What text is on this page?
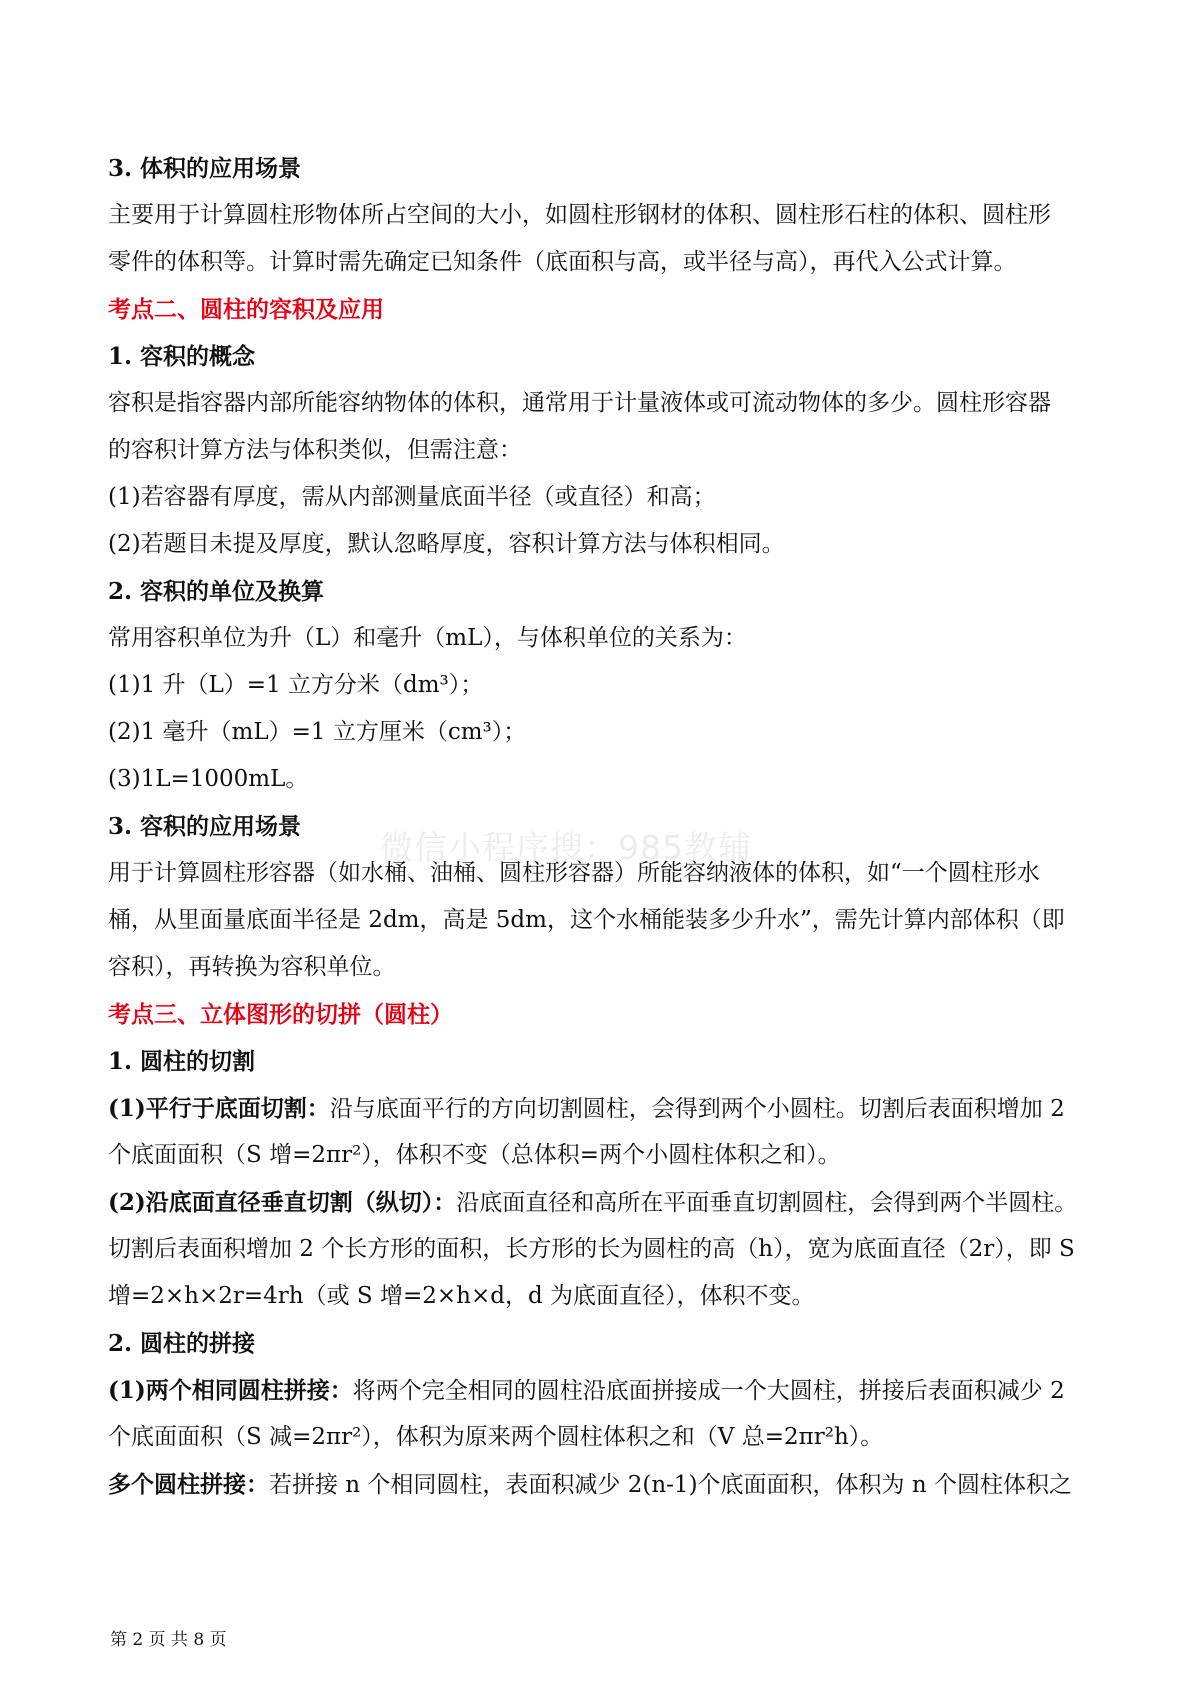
微信小程序搜：985教辅
3. 体积的应用场景
主要用于计算圆柱形物体所占空间的大小，如圆柱形钢材的体积、圆柱形石柱的体积、圆柱形
零件的体积等。计算时需先确定已知条件（底面积与高，或半径与高），再代入公式计算。
考点二、圆柱的容积及应用
1. 容积的概念
容积是指容器内部所能容纳物体的体积，通常用于计量液体或可流动物体的多少。圆柱形容器
的容积计算方法与体积类似，但需注意：
(1)若容器有厚度，需从内部测量底面半径（或直径）和高；
(2)若题目未提及厚度，默认忽略厚度，容积计算方法与体积相同。
2. 容积的单位及换算
常用容积单位为升（L）和毫升（mL），与体积单位的关系为：
(1)1 升（L）=1 立方分米（dm³）；
(2)1 毫升（mL）=1 立方厘米（cm³）；
(3)1L=1000mL。
3. 容积的应用场景
用于计算圆柱形容器（如水桶、油桶、圆柱形容器）所能容纳液体的体积，如“一个圆柱形水
桶，从里面量底面半径是 2dm，高是 5dm，这个水桶能装多少升水”，需先计算内部体积（即
容积），再转换为容积单位。
考点三、立体图形的切拼（圆柱）
1. 圆柱的切割
(1)平行于底面切割：沿与底面平行的方向切割圆柱，会得到两个小圆柱。切割后表面积增加 2
个底面面积（S 增=2πr²），体积不变（总体积=两个小圆柱体积之和）。
(2)沿底面直径垂直切割（纵切）：沿底面直径和高所在平面垂直切割圆柱，会得到两个半圆柱。
切割后表面积增加 2 个长方形的面积，长方形的长为圆柱的高（h），宽为底面直径（2r），即 S
增=2×h×2r=4rh（或 S 增=2×h×d，d 为底面直径），体积不变。
2. 圆柱的拼接
(1)两个相同圆柱拼接：将两个完全相同的圆柱沿底面拼接成一个大圆柱，拼接后表面积减少 2
个底面面积（S 减=2πr²），体积为原来两个圆柱体积之和（V 总=2πr²h）。
多个圆柱拼接：若拼接 n 个相同圆柱，表面积减少 2(n-1)个底面面积，体积为 n 个圆柱体积之
第 2 页 共 8 页
